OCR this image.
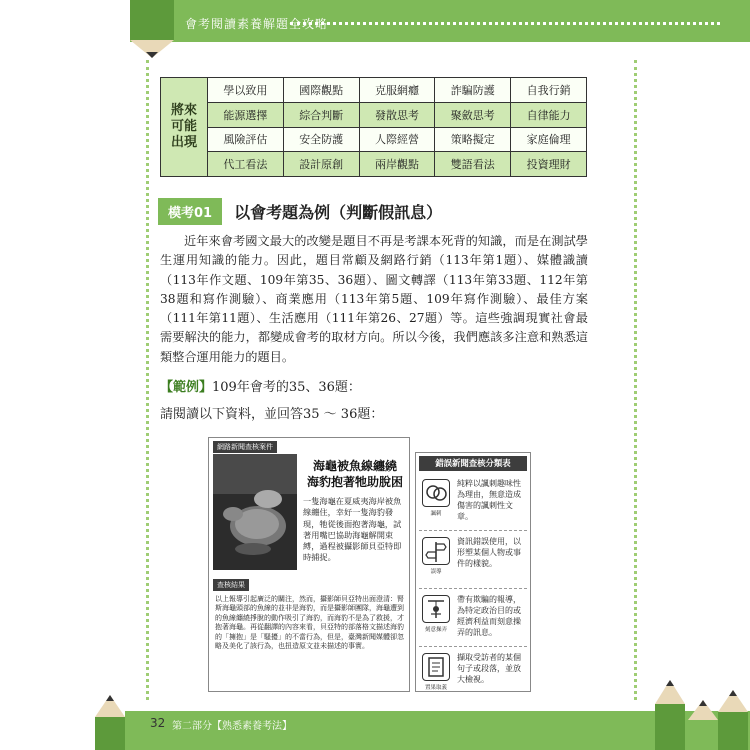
會考閱讀素養解題全攻略
將來
可能
出現	學以致用	國際觀點	克服網癮	詐騙防護	自我行銷
	能源選擇	綜合判斷	發散思考	聚斂思考	自律能力
	風險評估	安全防護	人際經營	策略擬定	家庭倫理
	代工看法	設計原創	兩岸觀點	雙語看法	投資理財
模考01	以會考題為例（判斷假訊息）

近年來會考國文最大的改變是題目不再是考課本死背的知識，而是在測試學生運用知識的能力。因此，題目常顧及網路行銷（113年第1題）、媒體識讀（113年作文題、109年第35、36題）、圖文轉譯（113年第33題、112年第38題和寫作測驗）、商業應用（113年第5題、109年寫作測驗）、最佳方案（111年第11題）、生活應用（111年第26、27題）等。這些強調現實社會最需要解決的能力，都變成會考的取材方向。所以今後，我們應該多注意和熟悉這類整合運用能力的題目。

【範例】109年會考的35、36題：
請閱讀以下資料，並回答35 ～ 36題：
網路新聞查核案件
海龜被魚線纏繞
海豹抱著牠助脫困

一隻海龜在夏威夷海岸被魚線纏住，幸好一隻海豹發現，牠從後面抱著海龜，試著用嘴巴協助海龜解開束縛，過程被攝影師貝亞特即時捕捉。

查核結果

以上報導引起廣泛的關注，然而，攝影師貝亞特出面澄清：腎斯海龜頭部的魚線的並非是海豹，而是攝影師團隊，海龜遭到的魚線纏繞掙脫的動作吸引了海豹，而海豹不是為了救援，才抱著海龜。再從翻譯的內容來看，貝亞特的部落格文描述海豹的「擁抱」是「騷擾」的不當行為，但是，臺灣新聞媒體卻忽略及美化了該行為，也扭造原文並未描述的事實。

錯誤新聞查核分類表
諷刺

純粹以諷刺趣味性為理由，無意造成傷害的諷刺性文章。

誤導

資訊錯誤使用，以形塑某個人物或事件的樣貌。

刻意操弄

帶有欺騙的報導，為特定政治目的或經濟利益而刻意操弄的訊息。

置果取義

擷取受訪者的某個句子或段落，並放大檢視。

32 第二部分【熟悉素養考法】
